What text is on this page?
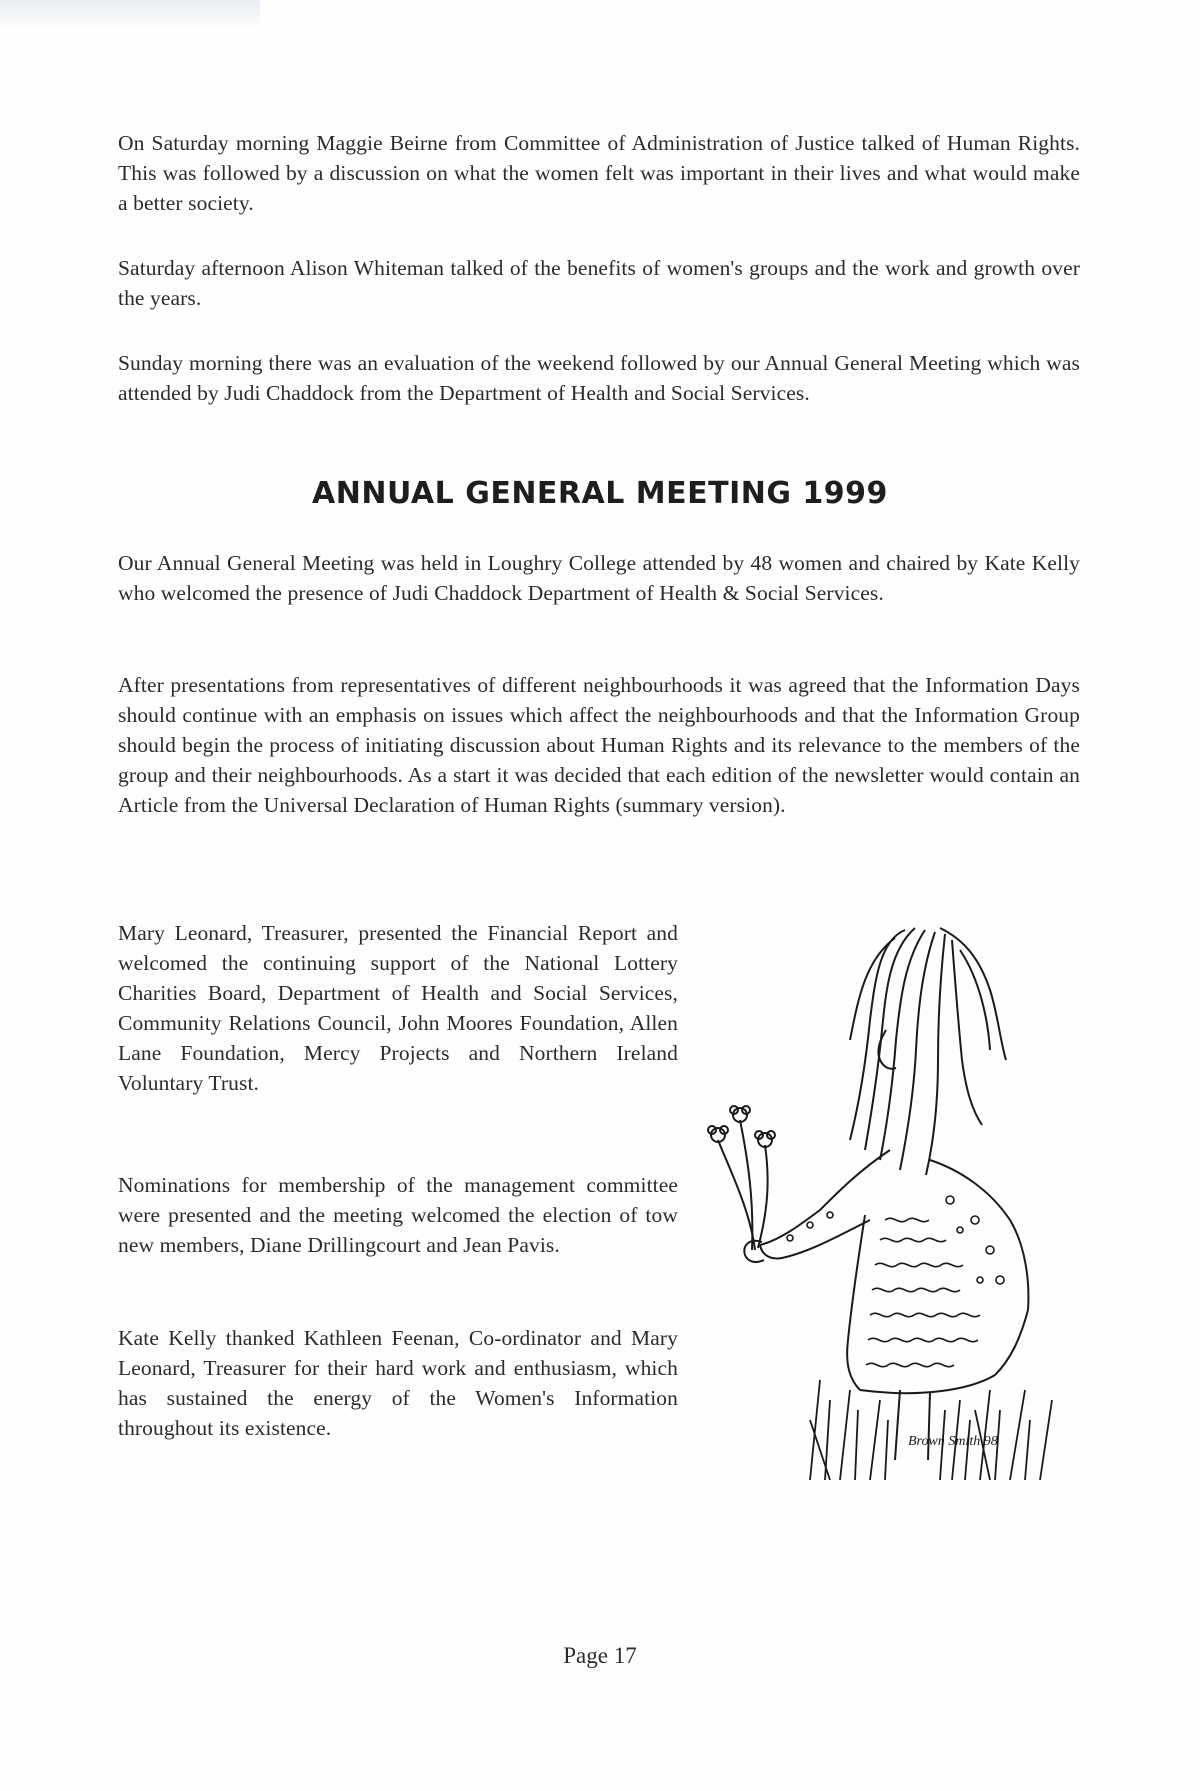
On Saturday morning Maggie Beirne from Committee of Administration of Justice talked of Human Rights. This was followed by a discussion on what the women felt was important in their lives and what would make a better society.

Saturday afternoon Alison Whiteman talked of the benefits of women's groups and the work and growth over the years.

Sunday morning there was an evaluation of the weekend followed by our Annual General Meeting which was attended by Judi Chaddock from the Department of Health and Social Services.

ANNUAL GENERAL MEETING 1999

Our Annual General Meeting was held in Loughry College attended by 48 women and chaired by Kate Kelly who welcomed the presence of Judi Chaddock Department of Health & Social Services.

After presentations from representatives of different neighbourhoods it was agreed that the Information Days should continue with an emphasis on issues which affect the neighbourhoods and that the Information Group should begin the process of initiating discussion about Human Rights and its relevance to the members of the group and their neighbourhoods. As a start it was decided that each edition of the newsletter would contain an Article from the Universal Declaration of Human Rights (summary version).

Mary Leonard, Treasurer, presented the Financial Report and welcomed the continuing support of the National Lottery Charities Board, Department of Health and Social Services, Community Relations Council, John Moores Foundation, Allen Lane Foundation, Mercy Projects and Northern Ireland Voluntary Trust.

Nominations for membership of the management committee were presented and the meeting welcomed the election of tow new members, Diane Drillingcourt and Jean Pavis.

Kate Kelly thanked Kathleen Feenan, Co-ordinator and Mary Leonard, Treasurer for their hard work and enthusiasm, which has sustained the energy of the Women's Information throughout its existence.

Brown Smith 98
Page 17
